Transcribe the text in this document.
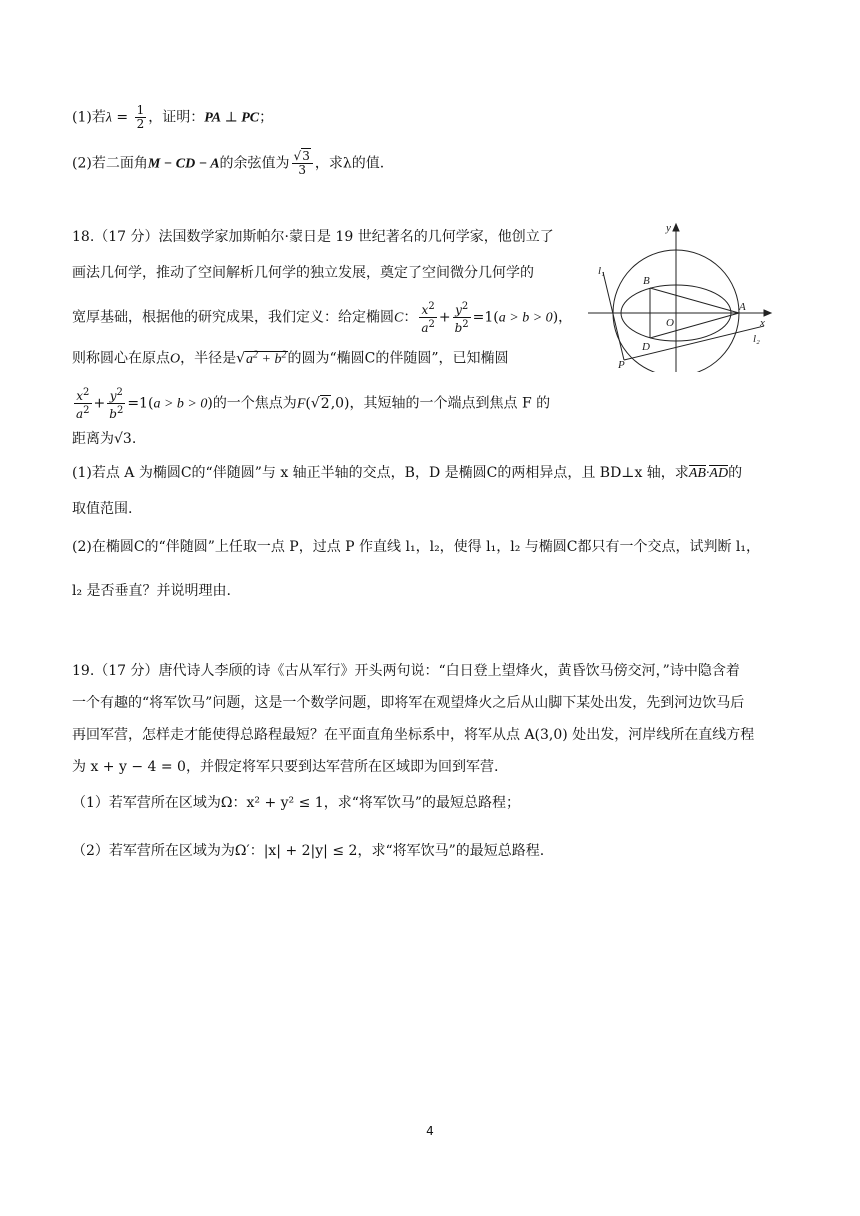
(1)若$\lambda = \frac{1}{2}$ ，证明：PA ⊥ PC；
(2)若二面角M − CD − A的余弦值为 $\frac{√3}{3}$ ，求λ的值.
18.（17 分）法国数学家加斯帕尔·蒙日是 19 世纪著名的几何学家，他创立了
画法几何学，推动了空间解析几何学的独立发展，奠定了空间微分几何学的
宽厚基础，根据他的研究成果，我们定义：给定椭圆C： $\frac{x^2}{a^2} + \frac{y^2}{b^2} =1(a > b > 0)$，
则称圆心在原点O，半径是$√a^2 + b^2$的圆为“椭圆C的伴随圆”，已知椭圆
$\frac{x^2}{a^2} + \frac{y^2}{b^2} =1(a > b > 0)$的一个焦点为F(√2,0)，其短轴的一个端点到焦点 F 的
距离为√3.
(1)若点 A 为椭圆C的“伴随圆”与 x 轴正半轴的交点，B，D 是椭圆C的两相异点，且 BD⊥x 轴，求AB·AD的
取值范围.
(2)在椭圆C的“伴随圆”上任取一点 P，过点 P 作直线 l₁，l₂，使得 l₁，l₂ 与椭圆C都只有一个交点，试判断 l₁，
l₂ 是否垂直？并说明理由.
y
l₁
B
O
A
x
D
l₂
P
19.（17 分）唐代诗人李颀的诗《古从军行》开头两句说：“白日登上望烽火，黄昏饮马傍交河，”诗中隐含着
一个有趣的“将军饮马”问题，这是一个数学问题，即将军在观望烽火之后从山脚下某处出发，先到河边饮马后
再回军营，怎样走才能使得总路程最短？在平面直角坐标系中，将军从点 A(3,0) 处出发，河岸线所在直线方程
为 x + y − 4 = 0，并假定将军只要到达军营所在区域即为回到军营.
（1）若军营所在区域为Ω：x² + y² ≤ 1，求“将军饮马”的最短总路程；
（2）若军营所在区域为为Ω′：|x| + 2|y| ≤ 2，求“将军饮马”的最短总路程.
4
